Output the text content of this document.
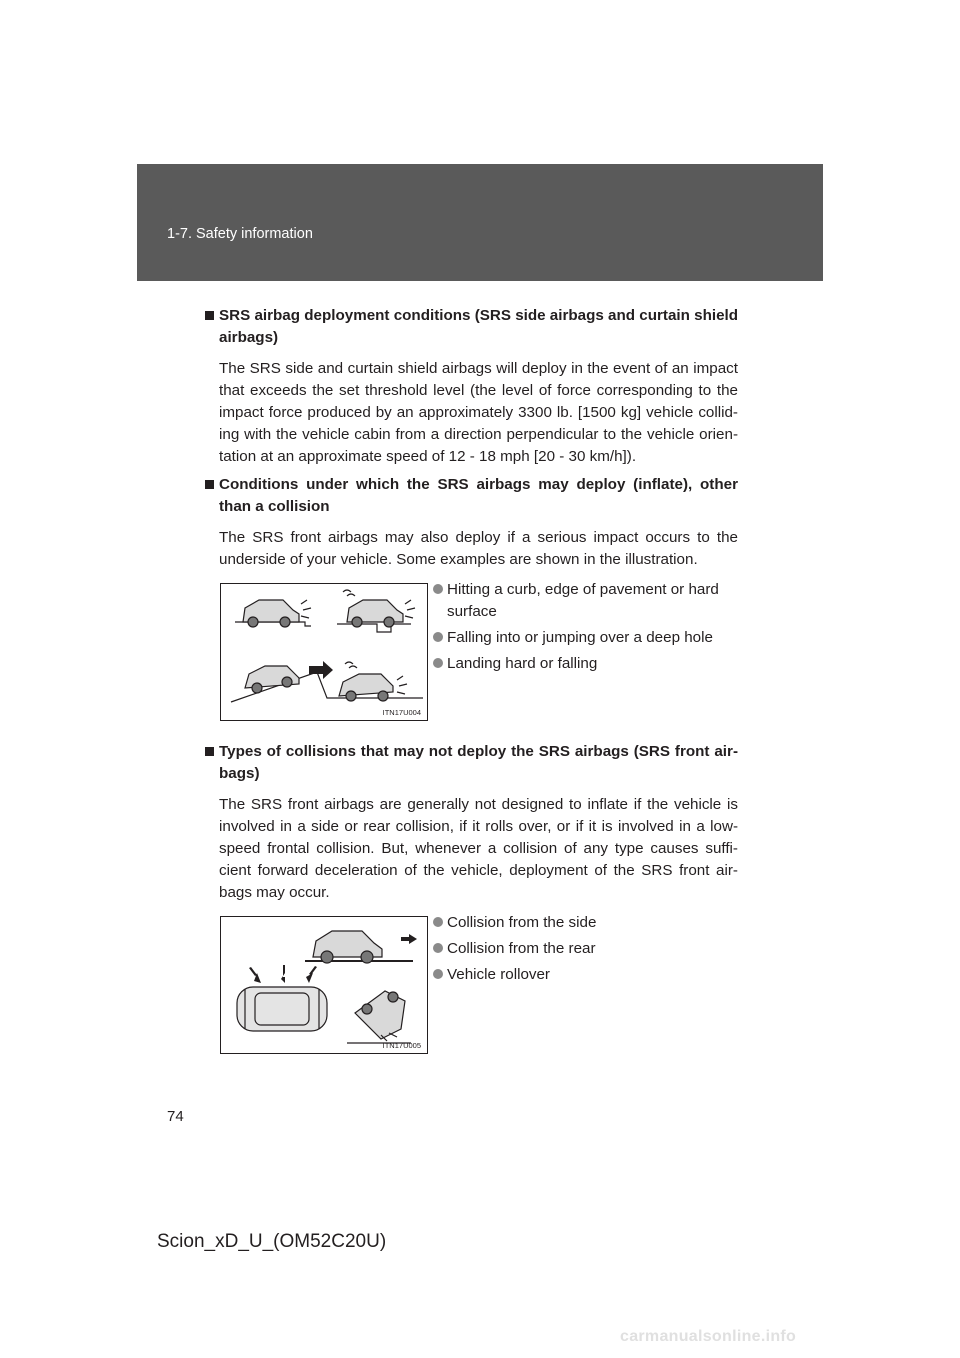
1-7. Safety information

SRS airbag deployment conditions (SRS side airbags and curtain shield airbags)

The SRS side and curtain shield airbags will deploy in the event of an impact that exceeds the set threshold level (the level of force corresponding to the impact force produced by an approximately 3300 lb. [1500 kg] vehicle collid-ing with the vehicle cabin from a direction perpendicular to the vehicle orien-tation at an approximate speed of 12 - 18 mph [20 - 30 km/h]).

Conditions under which the SRS airbags may deploy (inflate), other than a collision

The SRS front airbags may also deploy if a serious impact occurs to the underside of your vehicle. Some examples are shown in the illustration.

ITN17U004
Hitting a curb, edge of pavement or hard surface
Falling into or jumping over a deep hole
Landing hard or falling

Types of collisions that may not deploy the SRS airbags (SRS front air-bags)

The SRS front airbags are generally not designed to inflate if the vehicle is involved in a side or rear collision, if it rolls over, or if it is involved in a low-speed frontal collision. But, whenever a collision of any type causes suffi-cient forward deceleration of the vehicle, deployment of the SRS front air-bags may occur.

ITN17U005
Collision from the side
Collision from the rear
Vehicle rollover
74
Scion_xD_U_(OM52C20U)
carmanualsonline.info
